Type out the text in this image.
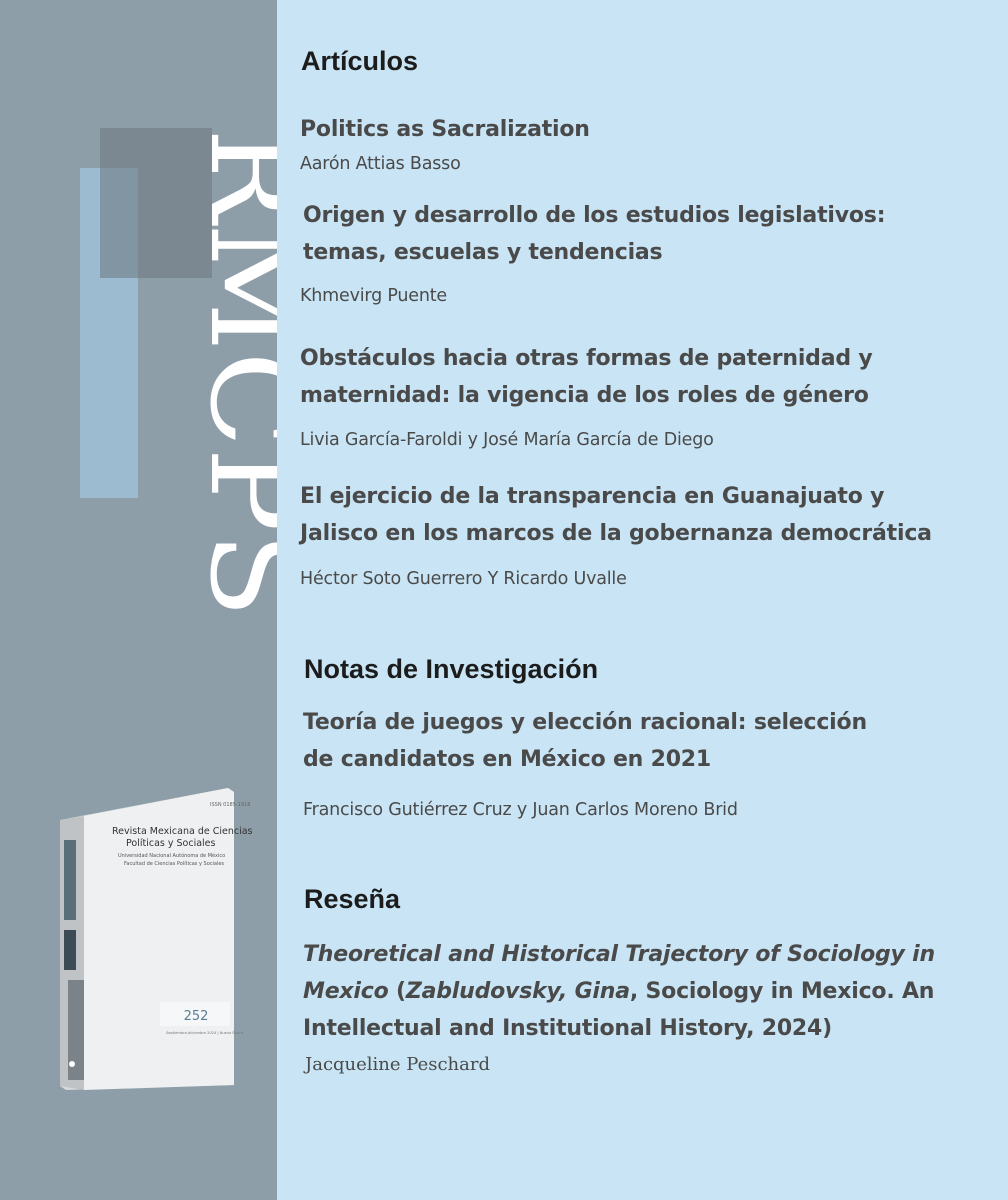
RMCPS
ISSN 0185-1918
Revista Mexicana de Ciencias
Políticas y Sociales
Universidad Nacional Autónoma de México
Facultad de Ciencias Políticas y Sociales
252
Septiembre-diciembre 2024 | Nueva Época
Artículos
Politics as Sacralization
Aarón Attias Basso
Origen y desarrollo de los estudios legislativos:
temas, escuelas y tendencias
Khmevirg Puente
Obstáculos hacia otras formas de paternidad y
maternidad: la vigencia de los roles de género
Livia García-Faroldi y José María García de Diego
El ejercicio de la transparencia en Guanajuato y
Jalisco en los marcos de la gobernanza democrática
Héctor Soto Guerrero Y Ricardo Uvalle
Notas de Investigación
Teoría de juegos y elección racional: selección
de candidatos en México en 2021
Francisco Gutiérrez Cruz y Juan Carlos Moreno Brid
Reseña
Theoretical and Historical Trajectory of Sociology in
Mexico (Zabludovsky, Gina, Sociology in Mexico. An
Intellectual and Institutional History, 2024)
Jacqueline Peschard
